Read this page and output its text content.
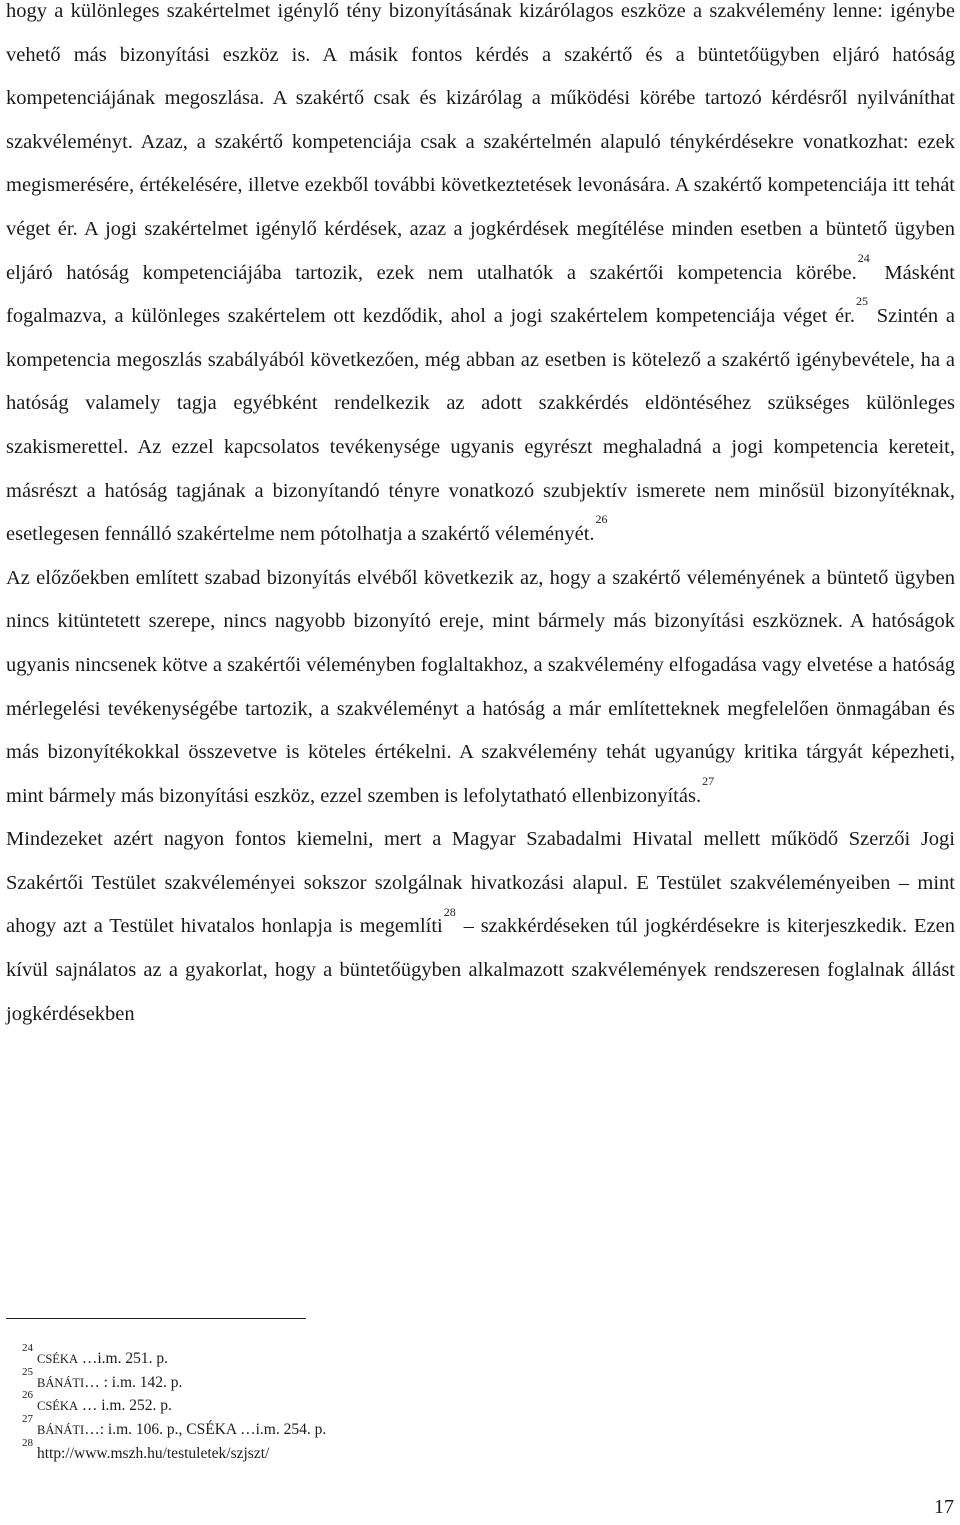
hogy a különleges szakértelmet igénylő tény bizonyításának kizárólagos eszköze a szakvélemény lenne: igénybe vehető más bizonyítási eszköz is. A másik fontos kérdés a szakértő és a büntetőügyben eljáró hatóság kompetenciájának megoszlása. A szakértő csak és kizárólag a működési körébe tartozó kérdésről nyilváníthat szakvéleményt. Azaz, a szakértő kompetenciája csak a szakértelmén alapuló ténykérdésekre vonatkozhat: ezek megismerésére, értékelésére, illetve ezekből további következtetések levonására. A szakértő kompetenciája itt tehát véget ér. A jogi szakértelmet igénylő kérdések, azaz a jogkérdések megítélése minden esetben a büntető ügyben eljáró hatóság kompetenciájába tartozik, ezek nem utalhatók a szakértői kompetencia körébe.$^{24}$ Másként fogalmazva, a különleges szakértelem ott kezdődik, ahol a jogi szakértelem kompetenciája véget ér.$^{25}$ Szintén a kompetencia megoszlás szabályából következően, még abban az esetben is kötelező a szakértő igénybevétele, ha a hatóság valamely tagja egyébként rendelkezik az adott szakkérdés eldöntéséhez szükséges különleges szakismerettel. Az ezzel kapcsolatos tevékenysége ugyanis egyrészt meghaladná a jogi kompetencia kereteit, másrészt a hatóság tagjának a bizonyítandó tényre vonatkozó szubjektív ismerete nem minősül bizonyítéknak, esetlegesen fennálló szakértelme nem pótolhatja a szakértő véleményét.$^{26}$

Az előzőekben említett szabad bizonyítás elvéből következik az, hogy a szakértő véleményének a büntető ügyben nincs kitüntetett szerepe, nincs nagyobb bizonyító ereje, mint bármely más bizonyítási eszköznek. A hatóságok ugyanis nincsenek kötve a szakértői véleményben foglaltakhoz, a szakvélemény elfogadása vagy elvetése a hatóság mérlegelési tevékenységébe tartozik, a szakvéleményt a hatóság a már említetteknek megfelelően önmagában és más bizonyítékokkal összevetve is köteles értékelni. A szakvélemény tehát ugyanúgy kritika tárgyát képezheti, mint bármely más bizonyítási eszköz, ezzel szemben is lefolytatható ellenbizonyítás.$^{27}$

Mindezeket azért nagyon fontos kiemelni, mert a Magyar Szabadalmi Hivatal mellett működő Szerzői Jogi Szakértői Testület szakvéleményei sokszor szolgálnak hivatkozási alapul. E Testület szakvéleményeiben – mint ahogy azt a Testület hivatalos honlapja is megemlíti$^{28}$ – szakkérdéseken túl jogkérdésekre is kiterjeszkedik. Ezen kívül sajnálatos az a gyakorlat, hogy a büntetőügyben alkalmazott szakvélemények rendszeresen foglalnak állást jogkérdésekben

$^{24}$CSÉKA …i.m. 251. p.
$^{25}$BÁNÁTI… : i.m. 142. p.
$^{26}$CSÉKA … i.m. 252. p.
$^{27}$BÁNÁTI…: i.m. 106. p., CSÉKA …i.m. 254. p.
$^{28}$http://www.mszh.hu/testuletek/szjszt/
17
